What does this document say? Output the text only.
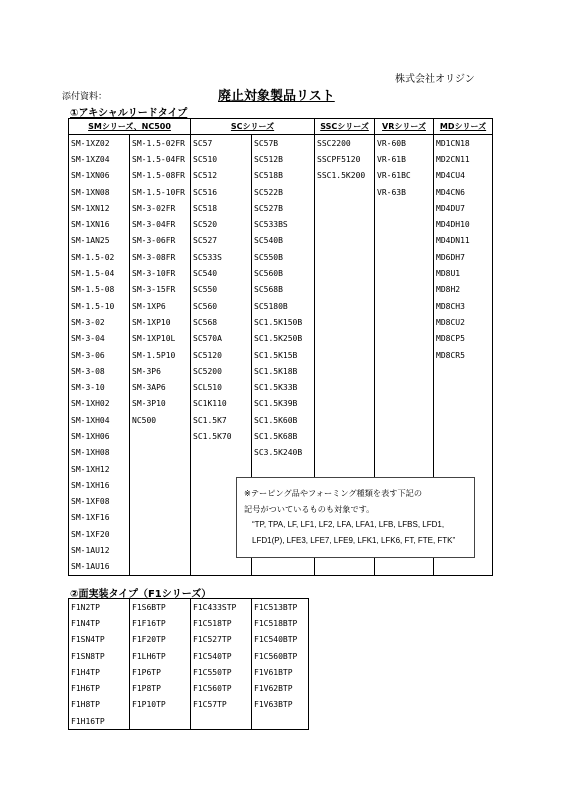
株式会社オリジン
添付資料：	廃止対象製品リスト
①アキシャルリードタイプ
SMシリーズ、NC500		SCシリーズ		SSCシリーズ	VRシリーズ	MDシリーズ
SM-1XZ02	SM-1.5-02FR	SC57	SC57B	SSC2200	VR-60B	MD1CN18
SM-1XZ04	SM-1.5-04FR	SC510	SC512B	SSCPF5120	VR-61B	MD2CN11
SM-1XN06	SM-1.5-08FR	SC512	SC518B	SSC1.5K200	VR-61BC	MD4CU4
SM-1XN08	SM-1.5-10FR	SC516	SC522B		VR-63B	MD4CN6
SM-1XN12	SM-3-02FR	SC518	SC527B			MD4DU7
SM-1XN16	SM-3-04FR	SC520	SC533BS			MD4DH10
SM-1AN25	SM-3-06FR	SC527	SC540B			MD4DN11
SM-1.5-02	SM-3-08FR	SC533S	SC550B			MD6DH7
SM-1.5-04	SM-3-10FR	SC540	SC560B			MD8U1
SM-1.5-08	SM-3-15FR	SC550	SC568B			MD8H2
SM-1.5-10	SM-1XP6	SC560	SC5180B			MD8CH3
SM-3-02	SM-1XP10	SC568	SC1.5K150B			MD8CU2
SM-3-04	SM-1XP10L	SC570A	SC1.5K250B			MD8CP5
SM-3-06	SM-1.5P10	SC5120	SC1.5K15B			MD8CR5
SM-3-08	SM-3P6	SC5200	SC1.5K18B			
SM-3-10	SM-3AP6	SCL510	SC1.5K33B			
SM-1XH02	SM-3P10	SC1K110	SC1.5K39B			
SM-1XH04	NC500	SC1.5K7	SC1.5K60B			
SM-1XH06		SC1.5K70	SC1.5K68B			
SM-1XH08			SC3.5K240B			
SM-1XH12						
SM-1XH16						
SM-1XF08						
SM-1XF16						
SM-1XF20						
SM-1AU12						
SM-1AU16						
※テーピング品やフォーミング種類を表す下記の
記号がついているものも対象です。
“TP, TPA, LF, LF1, LF2, LFA, LFA1, LFB, LFBS, LFD1,
LFD1(P), LFE3, LFE7, LFE9, LFK1, LFK6, FT, FTE, FTK”
②面実装タイプ（F1シリーズ）
F1N2TP	F1S6BTP	F1C433STP	F1C513BTP
F1N4TP	F1F16TP	F1C518TP	F1C518BTP
F1SN4TP	F1F20TP	F1C527TP	F1C540BTP
F1SN8TP	F1LH6TP	F1C540TP	F1C560BTP
F1H4TP	F1P6TP	F1C550TP	F1V61BTP
F1H6TP	F1P8TP	F1C560TP	F1V62BTP
F1H8TP	F1P10TP	F1C57TP	F1V63BTP
F1H16TP			
